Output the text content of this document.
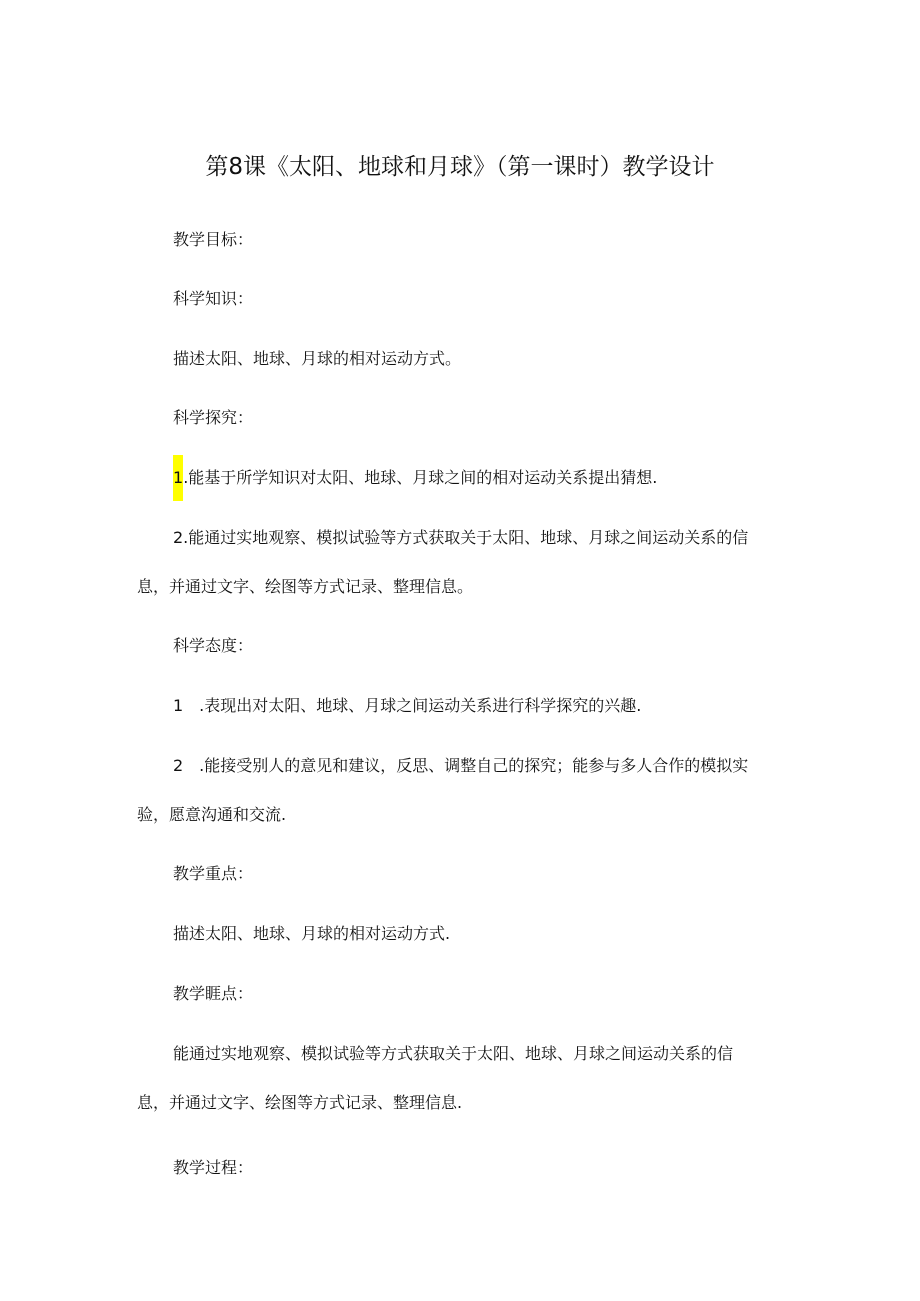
第8课《太阳、地球和月球》（第一课时）教学设计
教学目标：
科学知识：
描述太阳、地球、月球的相对运动方式。
科学探究：
1.能基于所学知识对太阳、地球、月球之间的相对运动关系提出猜想.
2.能通过实地观察、模拟试验等方式获取关于太阳、地球、月球之间运动关系的信
息，并通过文字、绘图等方式记录、整理信息。
科学态度：
1 .表现出对太阳、地球、月球之间运动关系进行科学探究的兴趣.
2 .能接受别人的意见和建议，反思、调整自己的探究；能参与多人合作的模拟实
验，愿意沟通和交流.
教学重点：
描述太阳、地球、月球的相对运动方式.
教学睚点：
能通过实地观察、模拟试验等方式获取关于太阳、地球、月球之间运动关系的信
息，并通过文字、绘图等方式记录、整理信息.
教学过程：
